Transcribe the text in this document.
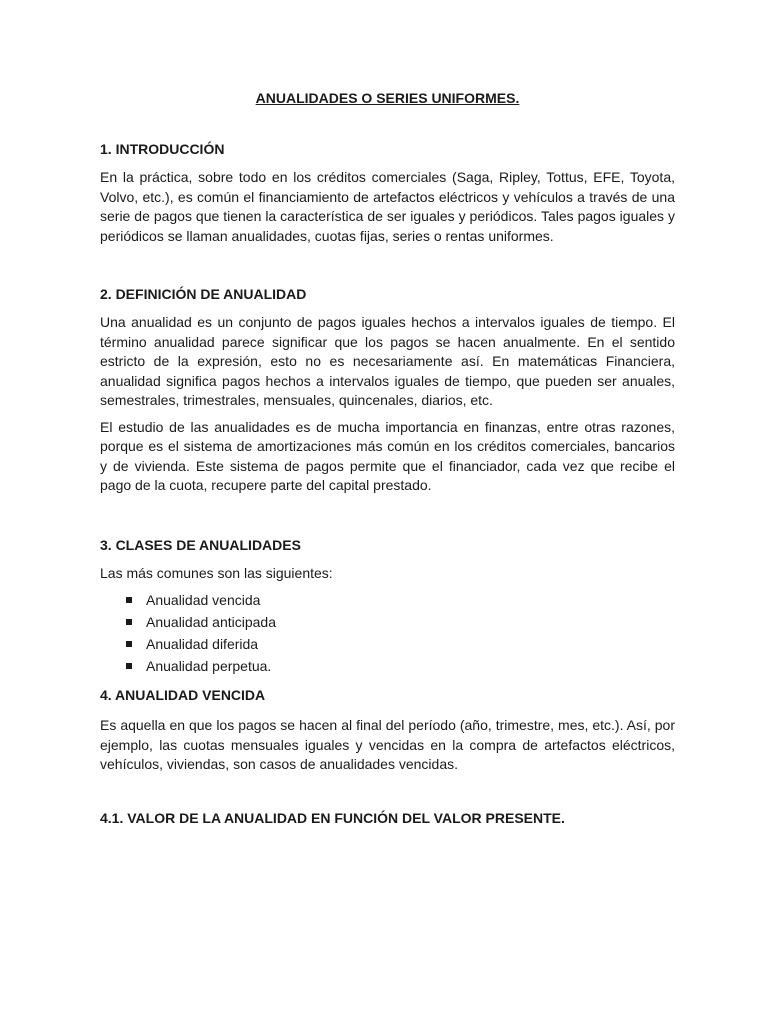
ANUALIDADES O SERIES UNIFORMES.
1. INTRODUCCIÓN

En la práctica, sobre todo en los créditos comerciales (Saga, Ripley, Tottus, EFE, Toyota, Volvo, etc.), es común el financiamiento de artefactos eléctricos y vehículos a través de una serie de pagos que tienen la característica de ser iguales y periódicos. Tales pagos iguales y periódicos se llaman anualidades, cuotas fijas, series o rentas uniformes.

2. DEFINICIÓN DE ANUALIDAD

Una anualidad es un conjunto de pagos iguales hechos a intervalos iguales de tiempo. El término anualidad parece significar que los pagos se hacen anualmente. En el sentido estricto de la expresión, esto no es necesariamente así. En matemáticas Financiera, anualidad significa pagos hechos a intervalos iguales de tiempo, que pueden ser anuales, semestrales, trimestrales, mensuales, quincenales, diarios, etc.

El estudio de las anualidades es de mucha importancia en finanzas, entre otras razones, porque es el sistema de amortizaciones más común en los créditos comerciales, bancarios y de vivienda. Este sistema de pagos permite que el financiador, cada vez que recibe el pago de la cuota, recupere parte del capital prestado.

3. CLASES DE ANUALIDADES

Las más comunes son las siguientes:

Anualidad vencida
Anualidad anticipada
Anualidad diferida
Anualidad perpetua.
4. ANUALIDAD VENCIDA

Es aquella en que los pagos se hacen al final del período (año, trimestre, mes, etc.). Así, por ejemplo, las cuotas mensuales iguales y vencidas en la compra de artefactos eléctricos, vehículos, viviendas, son casos de anualidades vencidas.

4.1. VALOR DE LA ANUALIDAD EN FUNCIÓN DEL VALOR PRESENTE.
